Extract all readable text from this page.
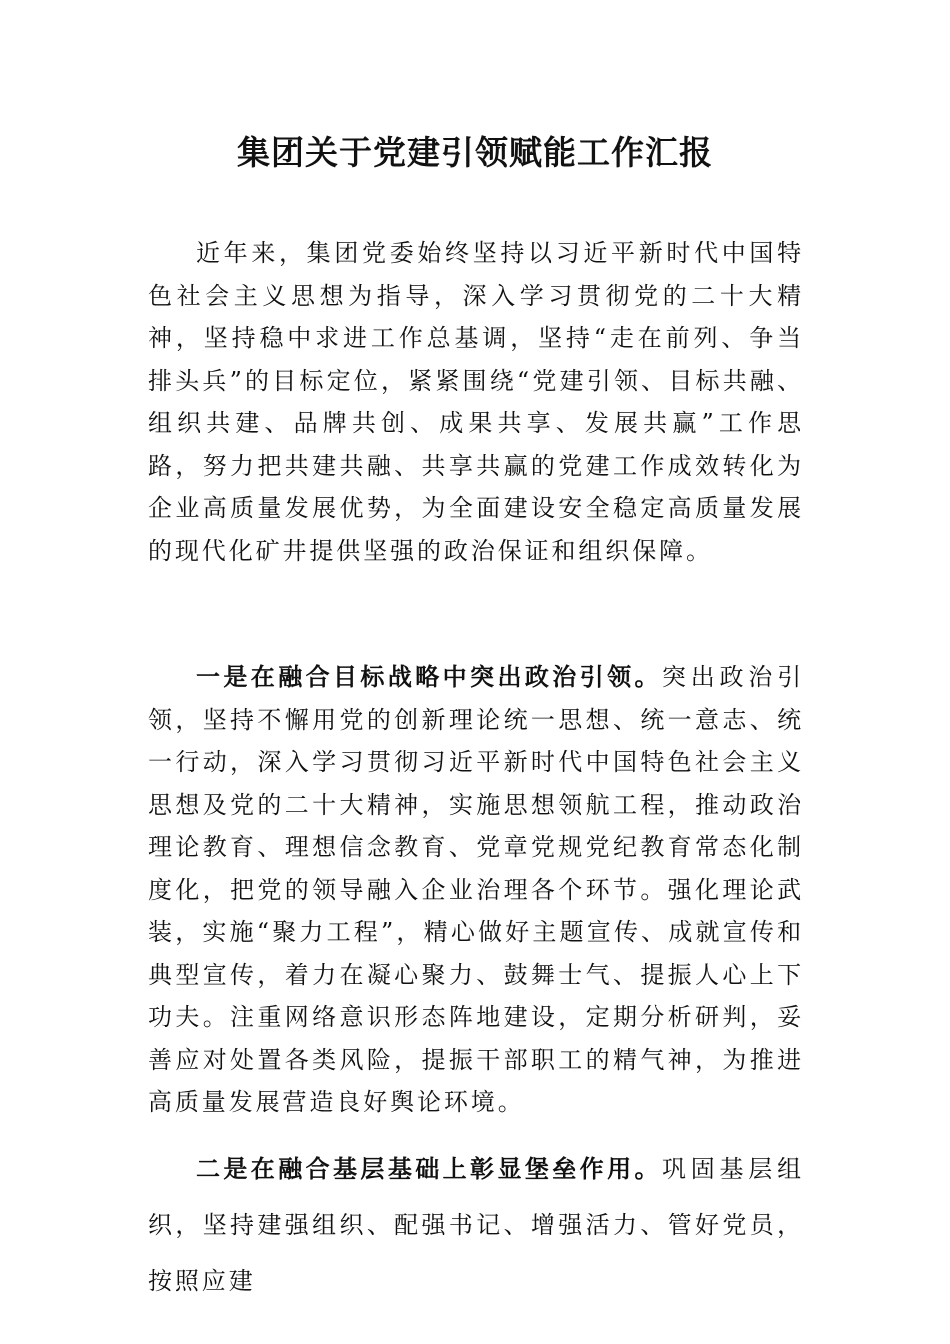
集团关于党建引领赋能工作汇报

近年来，集团党委始终坚持以习近平新时代中国特色社会主义思想为指导，深入学习贯彻党的二十大精神，坚持稳中求进工作总基调，坚持“走在前列、争当排头兵”的目标定位，紧紧围绕“党建引领、目标共融、组织共建、品牌共创、成果共享、发展共赢”工作思路，努力把共建共融、共享共赢的党建工作成效转化为企业高质量发展优势，为全面建设安全稳定高质量发展的现代化矿井提供坚强的政治保证和组织保障。

一是在融合目标战略中突出政治引领。突出政治引领，坚持不懈用党的创新理论统一思想、统一意志、统一行动，深入学习贯彻习近平新时代中国特色社会主义思想及党的二十大精神，实施思想领航工程，推动政治理论教育、理想信念教育、党章党规党纪教育常态化制度化，把党的领导融入企业治理各个环节。强化理论武装，实施“聚力工程”，精心做好主题宣传、成就宣传和典型宣传，着力在凝心聚力、鼓舞士气、提振人心上下功夫。注重网络意识形态阵地建设，定期分析研判，妥善应对处置各类风险，提振干部职工的精气神，为推进高质量发展营造良好舆论环境。

二是在融合基层基础上彰显堡垒作用。巩固基层组织，坚持建强组织、配强书记、增强活力、管好党员，按照应建
